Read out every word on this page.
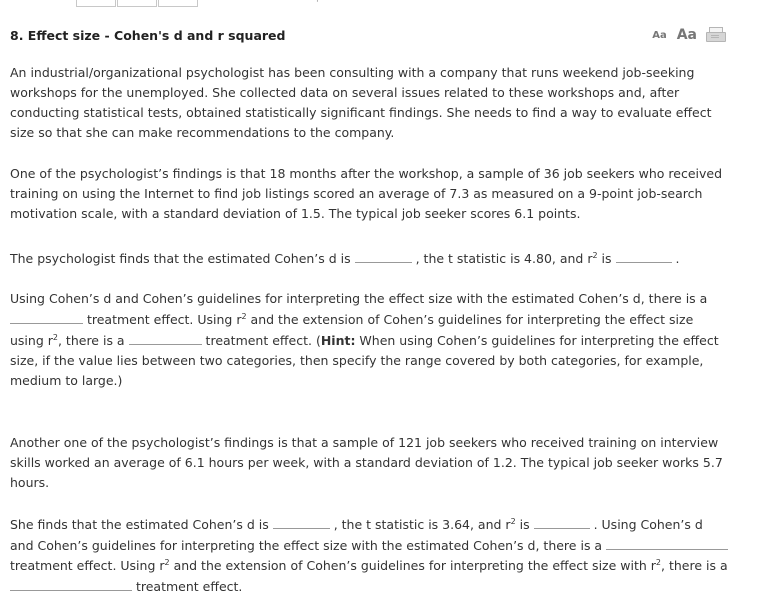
·
8. Effect size - Cohen's d and r squared	Aa Aa

An industrial/organizational psychologist has been consulting with a company that runs weekend job-seeking workshops for the unemployed. She collected data on several issues related to these workshops and, after conducting statistical tests, obtained statistically significant findings. She needs to find a way to evaluate effect size so that she can make recommendations to the company.

One of the psychologist’s findings is that 18 months after the workshop, a sample of 36 job seekers who received training on using the Internet to find job listings scored an average of 7.3 as measured on a 9-point job-search motivation scale, with a standard deviation of 1.5. The typical job seeker scores 6.1 points.

The psychologist finds that the estimated Cohen’s d is	, the t statistic is 4.80, and $r^2$ is	.

Using Cohen’s d and Cohen’s guidelines for interpreting the effect size with the estimated Cohen’s d, there is a  treatment effect. Using $r^2$ and the extension of Cohen’s guidelines for interpreting the effect size using $r^2$, there is a	treatment effect. (Hint: When using Cohen’s guidelines for interpreting the effect size, if the value lies between two categories, then specify the range covered by both categories, for example, medium to large.)

Another one of the psychologist’s findings is that a sample of 121 job seekers who received training on interview skills worked an average of 6.1 hours per week, with a standard deviation of 1.2. The typical job seeker works 5.7 hours.

She finds that the estimated Cohen’s d is	, the t statistic is 3.64, and $r^2$ is	. Using Cohen’s d and Cohen’s guidelines for interpreting the effect size with the estimated Cohen’s d, there is a  treatment effect. Using $r^2$ and the extension of Cohen’s guidelines for interpreting the effect size with $r^2$, there is a  treatment effect.
